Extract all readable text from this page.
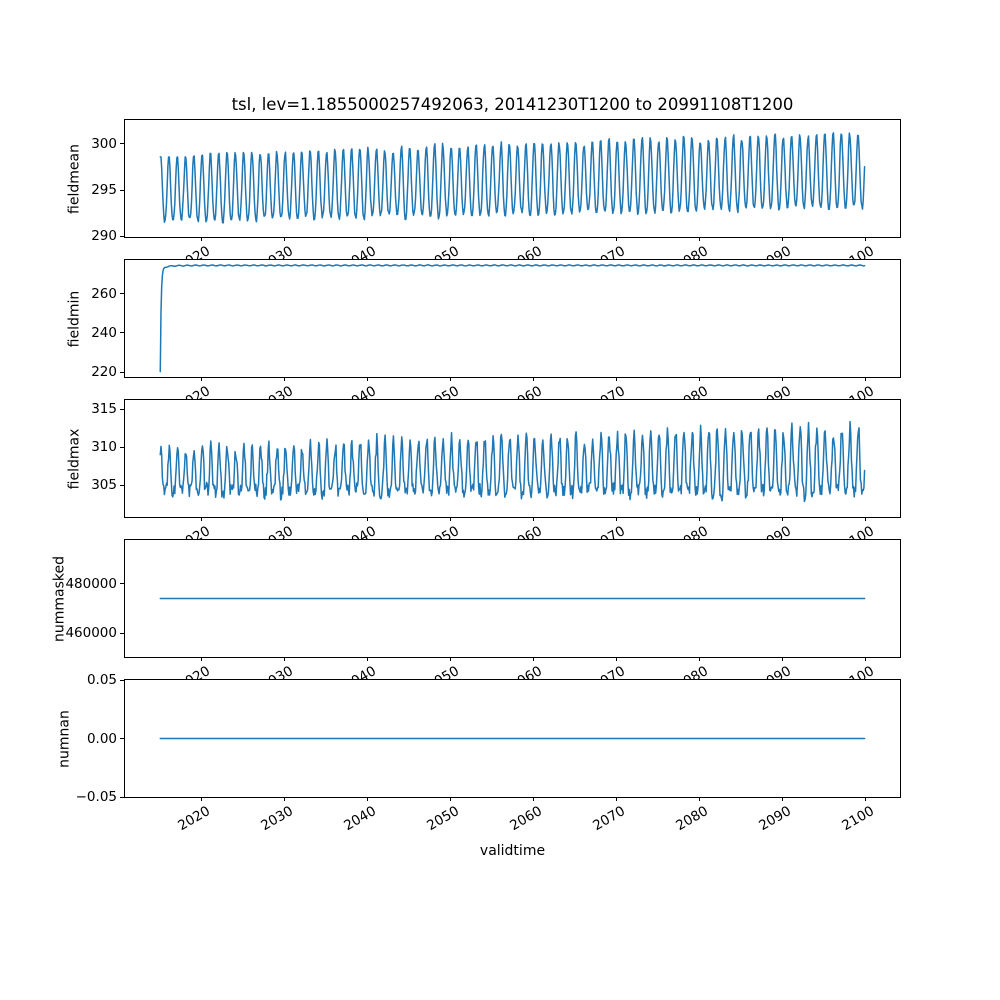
tsl, lev=1.1855000257492063, 20141230T1200 to 20991108T1200
290
295
300
fieldmean
220
240
260
fieldmin
305
310
315
fieldmax
460000
480000
nummasked
−0.05
0.00
0.05
2020	2030	2040	2050	2060	2070	2080	2090	2100
numnan
validtime
